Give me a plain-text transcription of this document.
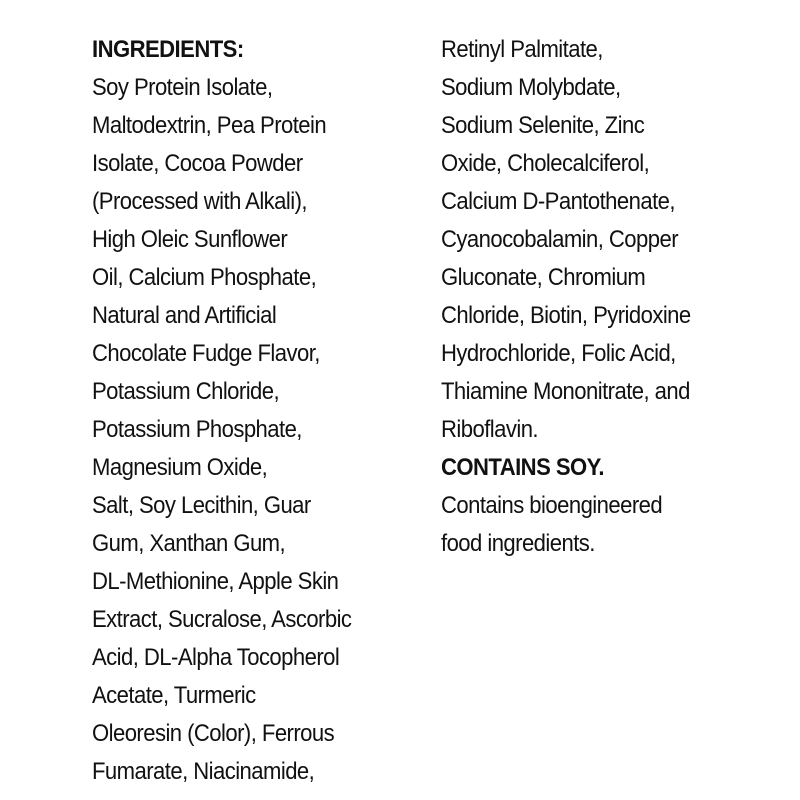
INGREDIENTS:
Soy Protein Isolate,
Maltodextrin, Pea Protein
Isolate, Cocoa Powder
(Processed with Alkali),
High Oleic Sunflower
Oil, Calcium Phosphate,
Natural and Artificial
Chocolate Fudge Flavor,
Potassium Chloride,
Potassium Phosphate,
Magnesium Oxide,
Salt, Soy Lecithin, Guar
Gum, Xanthan Gum,
DL-Methionine, Apple Skin
Extract, Sucralose, Ascorbic
Acid, DL-Alpha Tocopherol
Acetate, Turmeric
Oleoresin (Color), Ferrous
Fumarate, Niacinamide,
Retinyl Palmitate,
Sodium Molybdate,
Sodium Selenite, Zinc
Oxide, Cholecalciferol,
Calcium D-Pantothenate,
Cyanocobalamin, Copper
Gluconate, Chromium
Chloride, Biotin, Pyridoxine
Hydrochloride, Folic Acid,
Thiamine Mononitrate, and
Riboflavin.
CONTAINS SOY.
Contains bioengineered
food ingredients.
